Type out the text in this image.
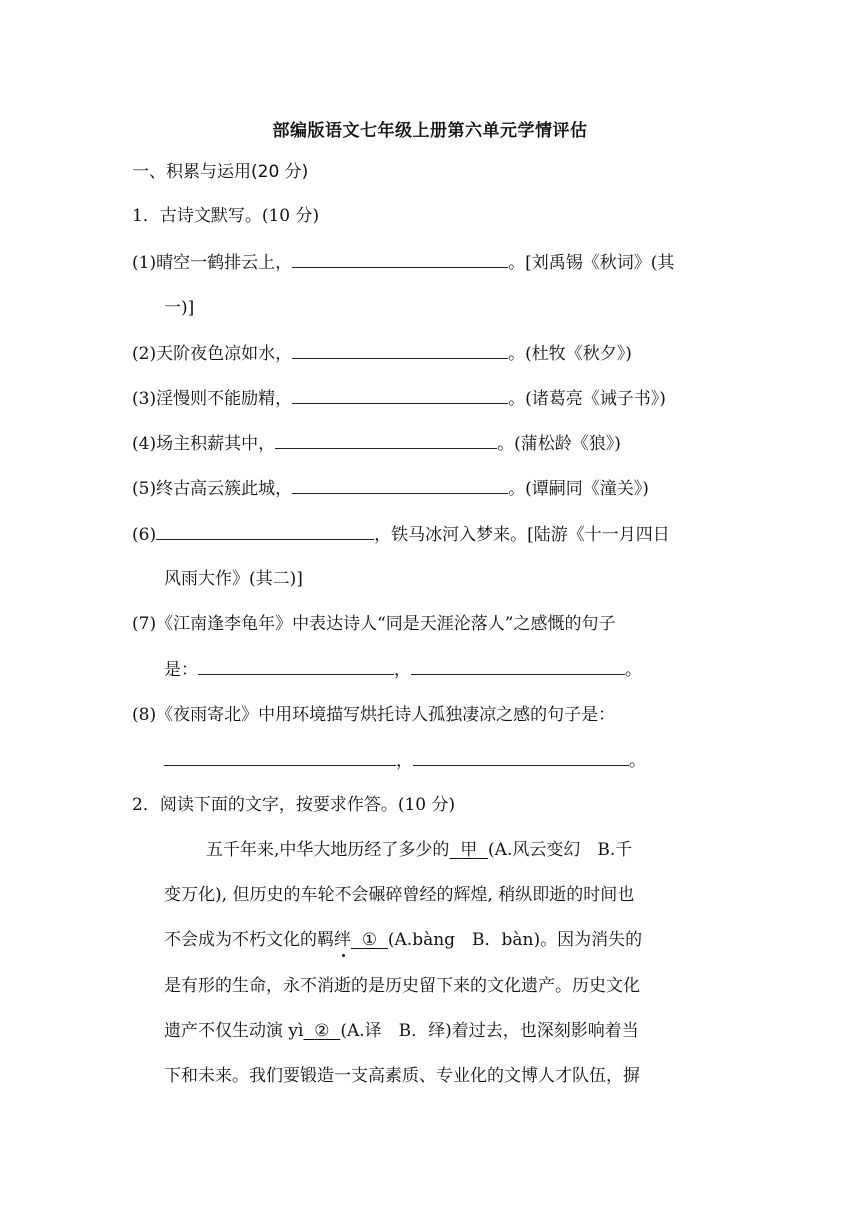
部编版语文七年级上册第六单元学情评估
一、积累与运用(20 分)
1．古诗文默写。(10 分)
(1)晴空一鹤排云上，	。[刘禹锡《秋词》(其
一)]
(2)天阶夜色凉如水，	。(杜牧《秋夕》)
(3)淫慢则不能励精，	。(诸葛亮《诫子书》)
(4)场主积薪其中，	。(蒲松龄《狼》)
(5)终古高云簇此城，	。(谭嗣同《潼关》)
(6)	，铁马冰河入梦来。[陆游《十一月四日
风雨大作》(其二)]
(7)《江南逢李龟年》中表达诗人“同是天涯沦落人”之感慨的句子
是：	，	。
(8)《夜雨寄北》中用环境描写烘托诗人孤独凄凉之感的句子是：
，	。
2．阅读下面的文字，按要求作答。(10 分)
五千年来,中华大地历经了多少的 甲 (A.风云变幻　B.千
变万化), 但历史的车轮不会碾碎曾经的辉煌, 稍纵即逝的时间也
不会成为不朽文化的羁绊 ① (A.bàng　B．bàn)。因为消失的
是有形的生命，永不消逝的是历史留下来的文化遗产。历史文化
遗产不仅生动演 yì ② (A.译　B．绎)着过去，也深刻影响着当
下和未来。我们要锻造一支高素质、专业化的文博人才队伍，摒
